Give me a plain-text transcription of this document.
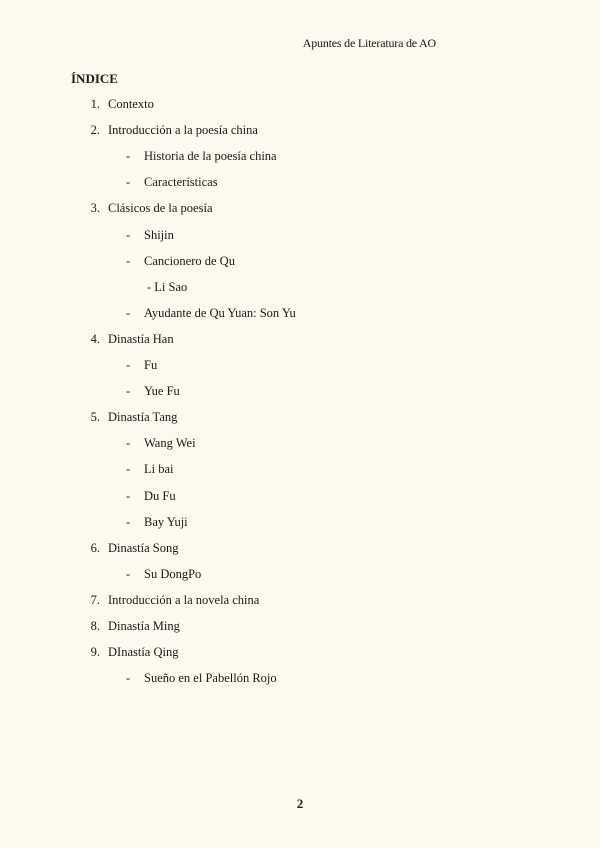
Apuntes de Literatura de AO
ÍNDICE
1. Contexto
2. Introducción a la poesía china
-	Historia de la poesía china
-	Características
3. Clásicos de la poesía
-	Shijin
-	Cancionero de Qu
- Li Sao
-	Ayudante de Qu Yuan: Son Yu
4. Dinastía Han
-	Fu
-	Yue Fu
5. Dinastía Tang
-	Wang Wei
-	Li bai
-	Du Fu
-	Bay Yuji
6. Dinastía Song
-	Su DongPo
7. Introducción a la novela china
8. Dinastía Ming
9. DInastía Qing
-	Sueño en el Pabellón Rojo
2
